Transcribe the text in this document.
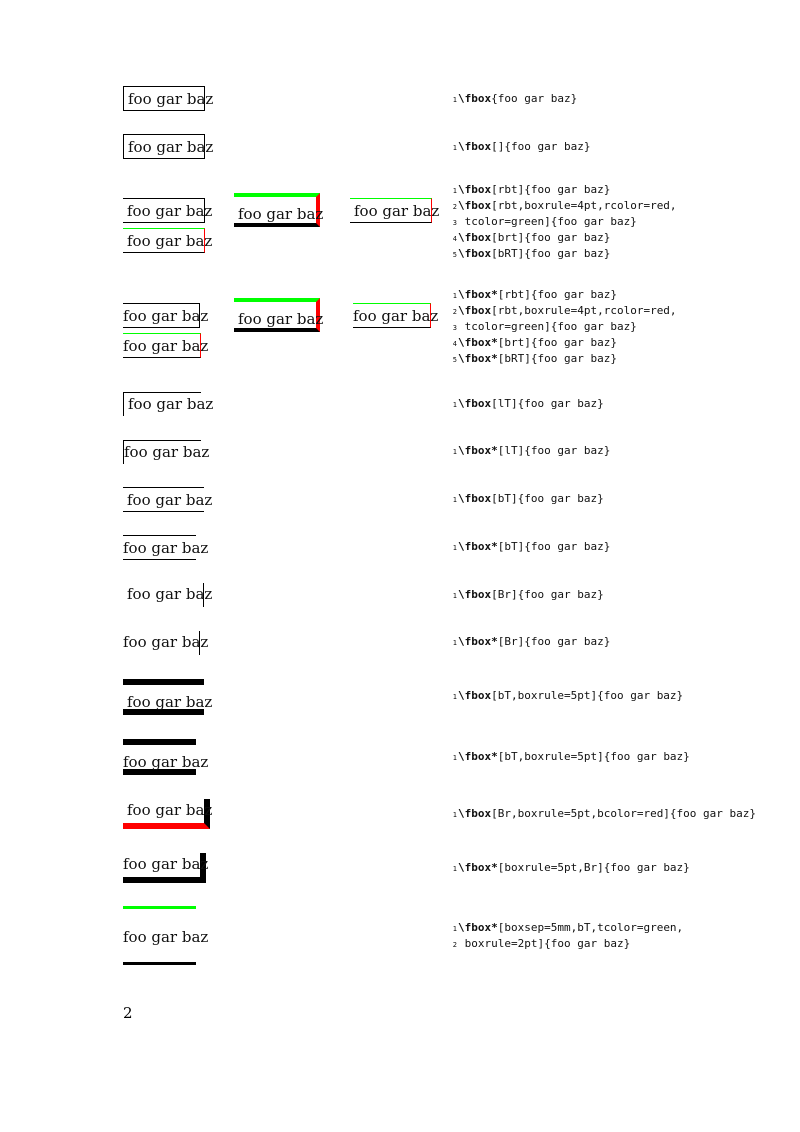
foo gar baz
foo gar baz
foo gar baz foo gar baz foo gar baz
foo gar baz
foo gar baz foo gar baz foo gar baz
foo gar baz
foo gar baz
foo gar baz
foo gar baz
foo gar baz
foo gar baz
foo gar baz
foo gar baz
foo gar baz
foo gar baz
foo gar baz
foo gar baz
1\fbox{foo gar baz}
1\fbox[]{foo gar baz}
1\fbox[rbt]{foo gar baz}
2\fbox[rbt,boxrule=4pt,rcolor=red,
3 tcolor=green]{foo gar baz}
4\fbox[brt]{foo gar baz}
5\fbox[bRT]{foo gar baz}
1\fbox*[rbt]{foo gar baz}
2\fbox[rbt,boxrule=4pt,rcolor=red,
3 tcolor=green]{foo gar baz}
4\fbox*[brt]{foo gar baz}
5\fbox*[bRT]{foo gar baz}
1\fbox[lT]{foo gar baz}
1\fbox*[lT]{foo gar baz}
1\fbox[bT]{foo gar baz}
1\fbox*[bT]{foo gar baz}
1\fbox[Br]{foo gar baz}
1\fbox*[Br]{foo gar baz}
1\fbox[bT,boxrule=5pt]{foo gar baz}
1\fbox*[bT,boxrule=5pt]{foo gar baz}
1\fbox[Br,boxrule=5pt,bcolor=red]{foo gar baz}
1\fbox*[boxrule=5pt,Br]{foo gar baz}
1\fbox*[boxsep=5mm,bT,tcolor=green,
2 boxrule=2pt]{foo gar baz}
2
